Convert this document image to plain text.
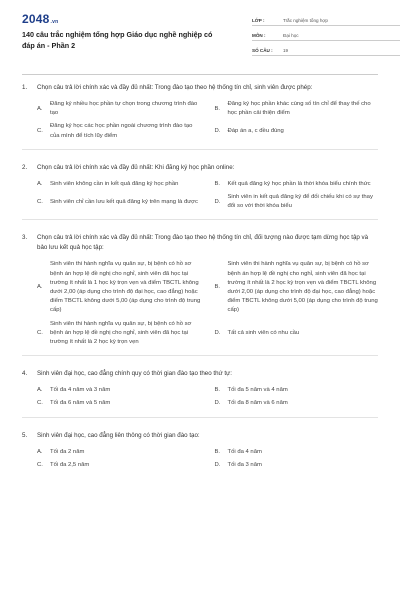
2048.vn
140 câu trắc nghiệm tổng hợp Giáo dục nghề nghiệp có đáp án - Phần 2
LỚP :	Trắc nghiệm tổng hợp
MÔN :	Đại học
SỐ CÂU :	19
1.	Chọn câu trả lời chính xác và đầy đủ nhất: Trong đào tạo theo hệ thống tín chỉ, sinh viên được phép:
A.
Đăng ký nhiều học phần tự chọn trong chương trình đào tạo
B.
Đăng ký học phần khác cùng số tín chỉ để thay thế cho học phần cải thiện điểm
C.
Đăng ký học các học phần ngoài chương trình đào tạo của mình để tích lũy điểm
D.	Đáp án a, c đều đúng
2.	Chọn câu trả lời chính xác và đầy đủ nhất: Khi đăng ký học phần online:
A.	Sinh viên không cần in kết quả đăng ký học phần	B.	Kết quả đăng ký học phần là thời khóa biểu chính thức
C.	Sinh viên chỉ cần lưu kết quả đăng ký trên mạng là được	D.
Sinh viên in kết quả đăng ký để đối chiếu khi có sự thay đổi so với thời khóa biểu
3.	Chọn câu trả lời chính xác và đầy đủ nhất: Trong đào tạo theo hệ thống tín chỉ, đối tượng nào được tạm dừng học tập và bảo lưu kết quả học tập:
A.
Sinh viên thi hành nghĩa vụ quân sự, bị bệnh có hồ sơ bệnh án hợp lệ đề nghị cho nghỉ, sinh viên đã học tại trường ít nhất là 1 học kỳ trọn vẹn và điểm TBCTL không dưới 2,00 (áp dụng cho trình độ đại học, cao đẳng) hoặc điểm TBCTL không dưới 5,00 (áp dụng cho trình độ trung cấp)
B.
Sinh viên thi hành nghĩa vụ quân sự, bị bệnh có hồ sơ bệnh án hợp lệ đề nghị cho nghỉ, sinh viên đã học tại trường ít nhất là 2 học kỳ trọn vẹn và điểm TBCTL không dưới 2,00 (áp dụng cho trình độ đại học, cao đẳng) hoặc điểm TBCTL không dưới 5,00 (áp dụng cho trình độ trung cấp)
C.
Sinh viên thi hành nghĩa vụ quân sự, bị bệnh có hồ sơ bệnh án hợp lệ đề nghị cho nghỉ, sinh viên đã học tại trường ít nhất là 2 học kỳ trọn vẹn
D.	Tất cả sinh viên có nhu cầu
4.	Sinh viên đại học, cao đẳng chính quy có thời gian đào tạo theo thứ tự:
A.	Tối đa 4 năm và 3 năm	B.	Tối đa 5 năm và 4 năm
C.	Tối đa 6 năm và 5 năm	D.	Tối đa 8 năm và 6 năm
5.	Sinh viên đại học, cao đẳng liên thông có thời gian đào tạo:
A.	Tối đa 2 năm	B.	Tối đa 4 năm
C.	Tối đa 2,5 năm	D.	Tối đa 3 năm
